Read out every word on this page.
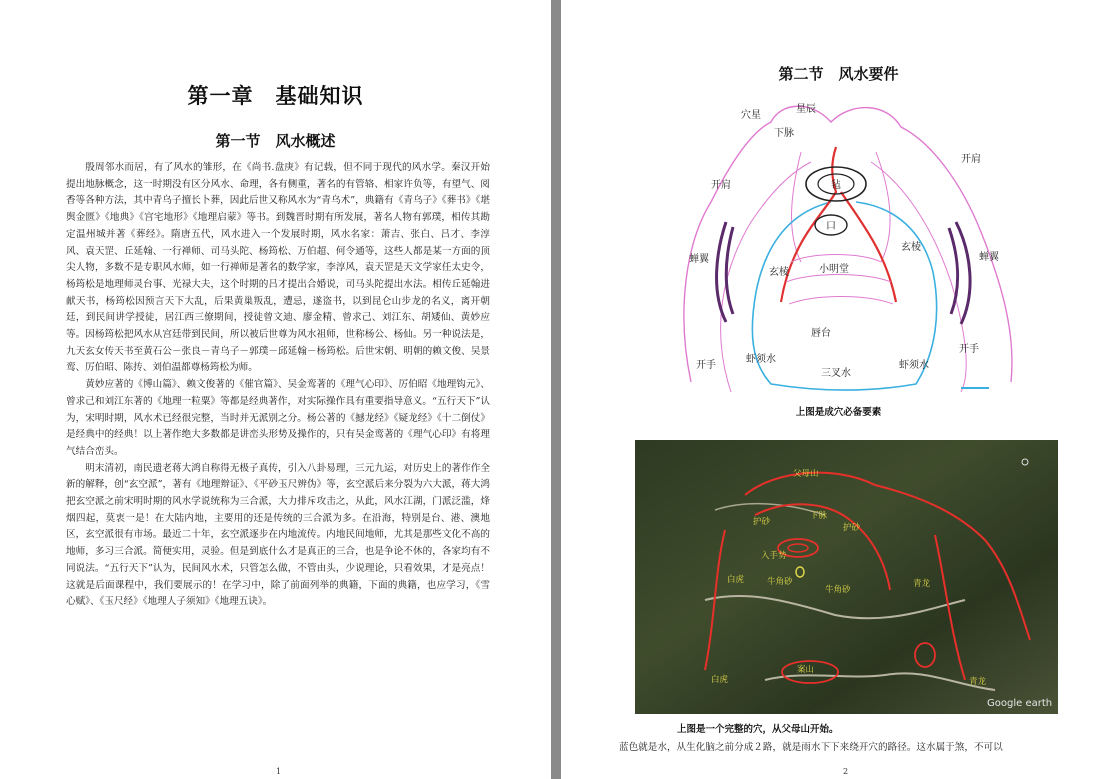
第一章　基础知识
第一节　风水概述

殷周邻水而居，有了风水的雏形，在《尚书.盘庚》有记载，但不同于现代的风水学。秦汉开始提出地脉概念，这一时期没有区分风水、命理，各有侧重，著名的有管辂、相家许负等，有望气、阅香等各种方法，其中青乌子擅长卜葬，因此后世又称风水为“青乌术”，典籍有《青乌子》《葬书》《堪舆金匮》《地典》《宫宅地形》《地理启蒙》等书。到魏晋时期有所发展，著名人物有郭璞，相传其勘定温州城并著《葬经》。隋唐五代，风水进入一个发展时期，风水名家：萧吉、张白、吕才、李淳风、袁天罡、丘延翰、一行禅师、司马头陀、杨筠松、万伯超、何令通等，这些人都是某一方面的顶尖人物，多数不是专职风水师，如一行禅师是著名的数学家，李淳风，袁天罡是天文学家任太史令，杨筠松是地理师灵台事、光禄大夫，这个时期的吕才提出合婚说，司马头陀提出水法。相传丘延翰进献天书，杨筠松因预言天下大乱，后果黄巢叛乱，遭忌，遂盗书，以到昆仑山步龙的名义，离开朝廷，到民间讲学授徒，居江西三僚期间，授徒曾文迪、廖金精、曾求己、刘江东、胡矮仙、黄妙应等。因杨筠松把风水从宫廷带到民间，所以被后世尊为风水祖师，世称杨公、杨仙。另一种说法是，九天玄女传天书至黄石公－张良－青乌子－郭璞－邱延翰－杨筠松。后世宋朝、明朝的赖文俊、吴景鸾、厉伯昭、陈抟、刘伯温都尊杨筠松为师。

黄妙应著的《博山篇》、赖文俊著的《催官篇》、吴金鸾著的《理气心印》、厉伯昭《地理钩元》、曾求己和刘江东著的《地理一粒粟》等都是经典著作，对实际操作具有重要指导意义。“五行天下”认为，宋明时期，风水术已经很完整，当时并无派别之分。杨公著的《撼龙经》《疑龙经》《十二倒仗》是经典中的经典！以上著作绝大多数都是讲峦头形势及操作的，只有吴金鸾著的《理气心印》有将理气结合峦头。

明末清初，南民遗老蒋大鸿自称得无极子真传，引入八卦易理，三元九运，对历史上的著作作全新的解释，创“玄空派”，著有《地理辩证》、《平砂玉尺辨伪》等，玄空派后来分裂为六大派，蒋大鸿把玄空派之前宋明时期的风水学说统称为三合派，大力排斥攻击之，从此，风水江湖，门派泛滥，烽烟四起，莫衷一是！在大陆内地，主要用的还是传统的三合派为多。在沿海，特别是台、港、澳地区，玄空派很有市场。最近二十年，玄空派逐步在内地流传。内地民间地师，尤其是那些文化不高的地师，多习三合派。简便实用，灵验。但是到底什么才是真正的三合，也是争论不休的，各家均有不同说法。“五行天下”认为，民间风水术，只管怎么做，不管由头，少说理论，只看效果，才是亮点！这就是后面课程中，我们要展示的！在学习中，除了前面列举的典籍，下面的典籍，也应学习，《雪心赋》、《玉尺经》《地理人子须知》《地理五诀》。

1
第二节　风水要件
穴星
星辰
下脉
开肩
开肩	毡
口
玄棱
蝉翼	蝉翼
玄棱	小明堂
唇台
开手
开手
虾须水
虾须水
三叉水
上图是成穴必备要素
父母山
下脉
护砂
护砂
入手势
白虎	牛角砂
牛角砂
青龙
案山
白虎	青龙
Google earth
上图是一个完整的穴，从父母山开始。
蓝色就是水，从生化脑之前分成２路，就是雨水下下来绕开穴的路径。这水属于煞，不可以
2
